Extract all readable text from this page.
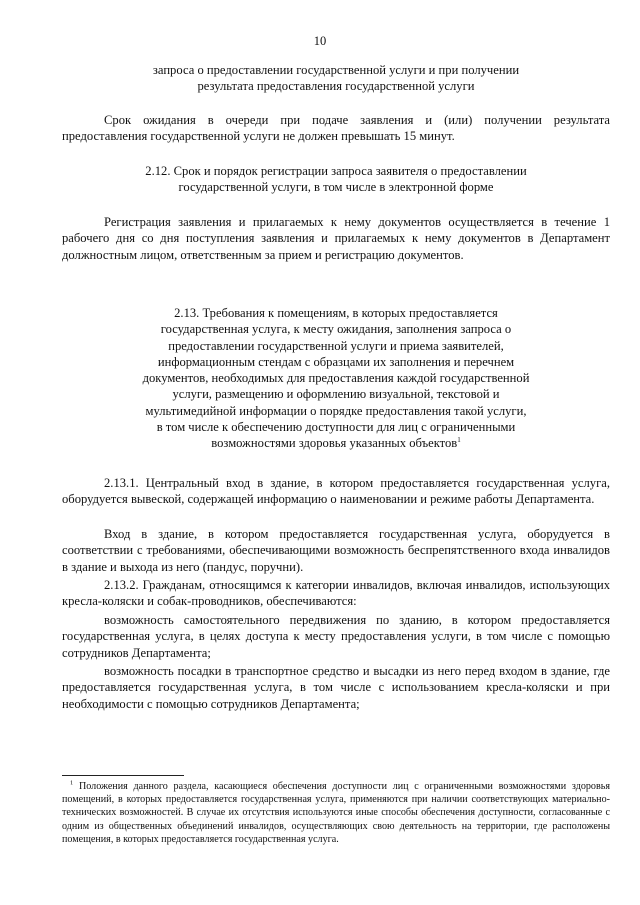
10
запроса о предоставлении государственной услуги и при получении
результата предоставления государственной услуги
Срок ожидания в очереди при подаче заявления и (или) получении результата предоставления государственной услуги не должен превышать 15 минут.
2.12. Срок и порядок регистрации запроса заявителя о предоставлении
государственной услуги, в том числе в электронной форме
Регистрация заявления и прилагаемых к нему документов осуществляется в течение 1 рабочего дня со дня поступления заявления и прилагаемых к нему документов в Департамент должностным лицом, ответственным за прием и регистрацию документов.
2.13. Требования к помещениям, в которых предоставляется
государственная услуга, к месту ожидания, заполнения запроса о
предоставлении государственной услуги и приема заявителей,
информационным стендам с образцами их заполнения и перечнем
документов, необходимых для предоставления каждой государственной
услуги, размещению и оформлению визуальной, текстовой и
мультимедийной информации о порядке предоставления такой услуги,
в том числе к обеспечению доступности для лиц с ограниченными
возможностями здоровья указанных объектов$^1$
2.13.1. Центральный вход в здание, в котором предоставляется государственная услуга, оборудуется вывеской, содержащей информацию о наименовании и режиме работы Департамента.
Вход в здание, в котором предоставляется государственная услуга, оборудуется в соответствии с требованиями, обеспечивающими возможность беспрепятственного входа инвалидов в здание и выхода из него (пандус, поручни).
2.13.2. Гражданам, относящимся к категории инвалидов, включая инвалидов, использующих кресла-коляски и собак-проводников, обеспечиваются:
возможность самостоятельного передвижения по зданию, в котором предоставляется государственная услуга, в целях доступа к месту предоставления услуги, в том числе с помощью сотрудников Департамента;
возможность посадки в транспортное средство и высадки из него перед входом в здание, где предоставляется государственная услуга, в том числе с использованием кресла-коляски и при необходимости с помощью сотрудников Департамента;
$^1$ Положения данного раздела, касающиеся обеспечения доступности лиц с ограниченными возможностями здоровья помещений, в которых предоставляется государственная услуга, применяются при наличии соответствующих материально-технических возможностей. В случае их отсутствия используются иные способы обеспечения доступности, согласованные с одним из общественных объединений инвалидов, осуществляющих свою деятельность на территории, где расположены помещения, в которых предоставляется государственная услуга.
